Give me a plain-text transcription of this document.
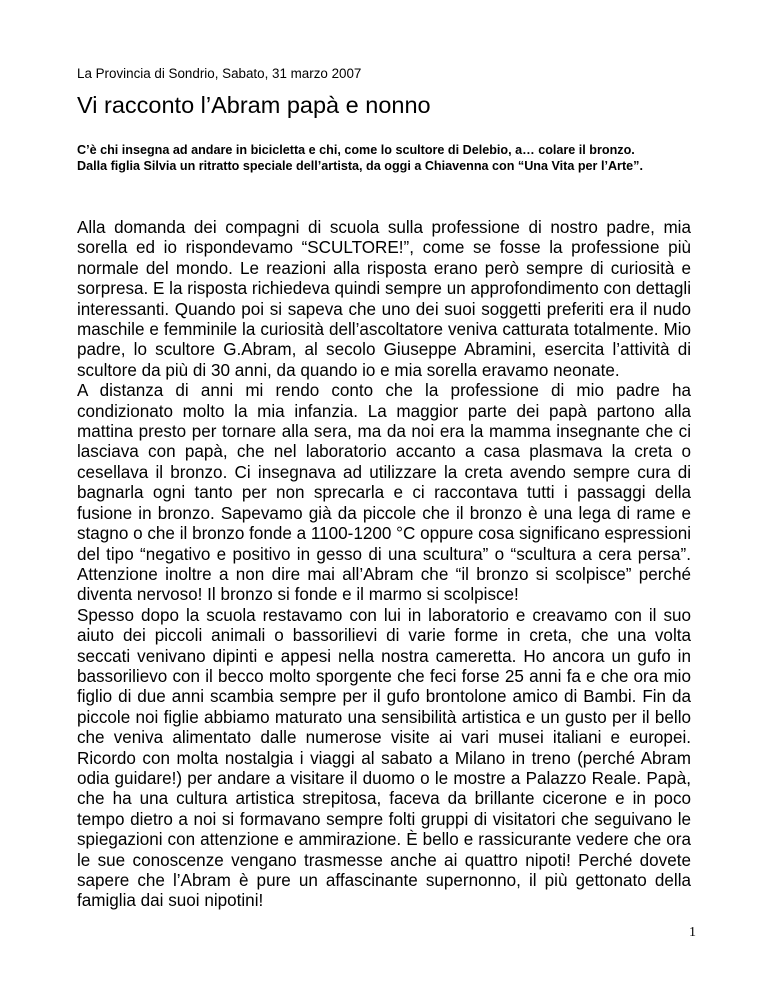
La Provincia di Sondrio, Sabato, 31 marzo 2007

Vi racconto l’Abram papà e nonno
C’è chi insegna ad andare in bicicletta e chi, come lo scultore di Delebio, a… colare il bronzo.
Dalla figlia Silvia un ritratto speciale dell’artista, da oggi a Chiavenna con “Una Vita per l’Arte”.

Alla domanda dei compagni di scuola sulla professione di nostro padre, mia sorella ed io rispondevamo “SCULTORE!”, come se fosse la professione più normale del mondo. Le reazioni alla risposta erano però sempre di curiosità e sorpresa. E la risposta richiedeva quindi sempre un approfondimento con dettagli interessanti. Quando poi si sapeva che uno dei suoi soggetti preferiti era il nudo maschile e femminile la curiosità dell’ascoltatore veniva catturata totalmente. Mio padre, lo scultore G.Abram, al secolo Giuseppe Abramini, esercita l’attività di scultore da più di 30 anni, da quando io e mia sorella eravamo neonate.

A distanza di anni mi rendo conto che la professione di mio padre ha condizionato molto la mia infanzia. La maggior parte dei papà partono alla mattina presto per tornare alla sera, ma da noi era la mamma insegnante che ci lasciava con papà, che nel laboratorio accanto a casa plasmava la creta o cesellava il bronzo. Ci insegnava ad utilizzare la creta avendo sempre cura di bagnarla ogni tanto per non sprecarla e ci raccontava tutti i passaggi della fusione in bronzo. Sapevamo già da piccole che il bronzo è una lega di rame e stagno o che il bronzo fonde a 1100-1200 °C oppure cosa significano espressioni del tipo “negativo e positivo in gesso di una scultura” o “scultura a cera persa”. Attenzione inoltre a non dire mai all’Abram che “il bronzo si scolpisce” perché diventa nervoso! Il bronzo si fonde e il marmo si scolpisce!

Spesso dopo la scuola restavamo con lui in laboratorio e creavamo con il suo aiuto dei piccoli animali o bassorilievi di varie forme in creta, che una volta seccati venivano dipinti e appesi nella nostra cameretta. Ho ancora un gufo in bassorilievo con il becco molto sporgente che feci forse 25 anni fa e che ora mio figlio di due anni scambia sempre per il gufo brontolone amico di Bambi. Fin da piccole noi figlie abbiamo maturato una sensibilità artistica e un gusto per il bello che veniva alimentato dalle numerose visite ai vari musei italiani e europei. Ricordo con molta nostalgia i viaggi al sabato a Milano in treno (perché Abram odia guidare!) per andare a visitare il duomo o le mostre a Palazzo Reale. Papà, che ha una cultura artistica strepitosa, faceva da brillante cicerone e in poco tempo dietro a noi si formavano sempre folti gruppi di visitatori che seguivano le spiegazioni con attenzione e ammirazione. È bello e rassicurante vedere che ora le sue conoscenze vengano trasmesse anche ai quattro nipoti! Perché dovete sapere che l’Abram è pure un affascinante supernonno, il più gettonato della famiglia dai suoi nipotini!

1
